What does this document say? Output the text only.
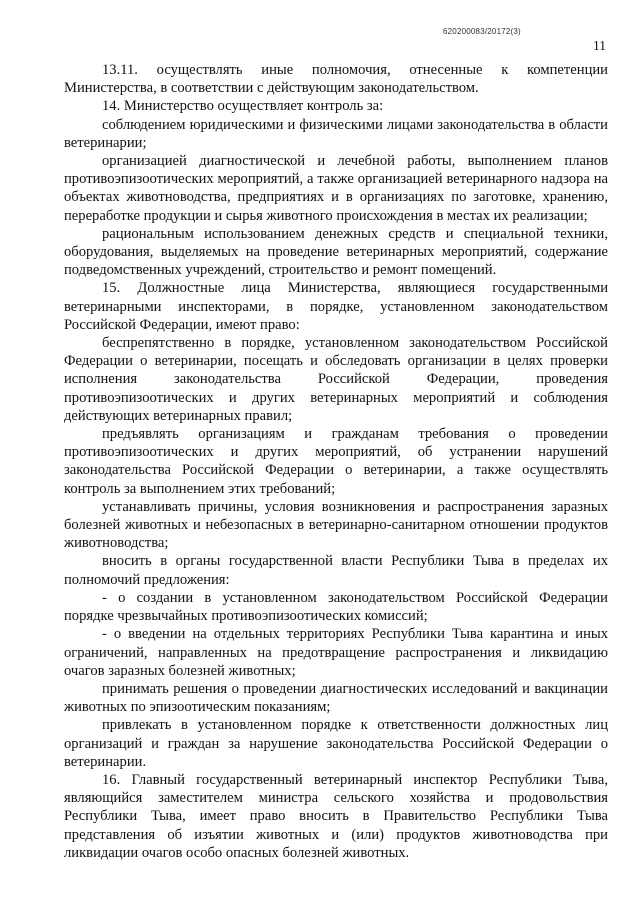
620200083/20172(3)
11

13.11. осуществлять иные полномочия, отнесенные к компетенции Министерства, в соответствии с действующим законодательством.

14. Министерство осуществляет контроль за:

соблюдением юридическими и физическими лицами законодательства в области ветеринарии;

организацией диагностической и лечебной работы, выполнением планов противоэпизоотических мероприятий, а также организацией ветеринарного надзора на объектах животноводства, предприятиях и в организациях по заготовке, хранению, переработке продукции и сырья животного происхождения в местах их реализации;

рациональным использованием денежных средств и специальной техники, оборудования, выделяемых на проведение ветеринарных мероприятий, содержание подведомственных учреждений, строительство и ремонт помещений.

15. Должностные лица Министерства, являющиеся государственными ветеринарными инспекторами, в порядке, установленном законодательством Российской Федерации, имеют право:

беспрепятственно в порядке, установленном законодательством Российской Федерации о ветеринарии, посещать и обследовать организации в целях проверки исполнения законодательства Российской Федерации, проведения противоэпизоотических и других ветеринарных мероприятий и соблюдения действующих ветеринарных правил;

предъявлять организациям и гражданам требования о проведении противоэпизоотических и других мероприятий, об устранении нарушений законодательства Российской Федерации о ветеринарии, а также осуществлять контроль за выполнением этих требований;

устанавливать причины, условия возникновения и распространения заразных болезней животных и небезопасных в ветеринарно-санитарном отношении продуктов животноводства;

вносить в органы государственной власти Республики Тыва в пределах их полномочий предложения:

- о создании в установленном законодательством Российской Федерации порядке чрезвычайных противоэпизоотических комиссий;

- о введении на отдельных территориях Республики Тыва карантина и иных ограничений, направленных на предотвращение распространения и ликвидацию очагов заразных болезней животных;

принимать решения о проведении диагностических исследований и вакцинации животных по эпизоотическим показаниям;

привлекать в установленном порядке к ответственности должностных лиц организаций и граждан за нарушение законодательства Российской Федерации о ветеринарии.

16. Главный государственный ветеринарный инспектор Республики Тыва, являющийся заместителем министра сельского хозяйства и продовольствия Республики Тыва, имеет право вносить в Правительство Республики Тыва представления об изъятии животных и (или) продуктов животноводства при ликвидации очагов особо опасных болезней животных.
